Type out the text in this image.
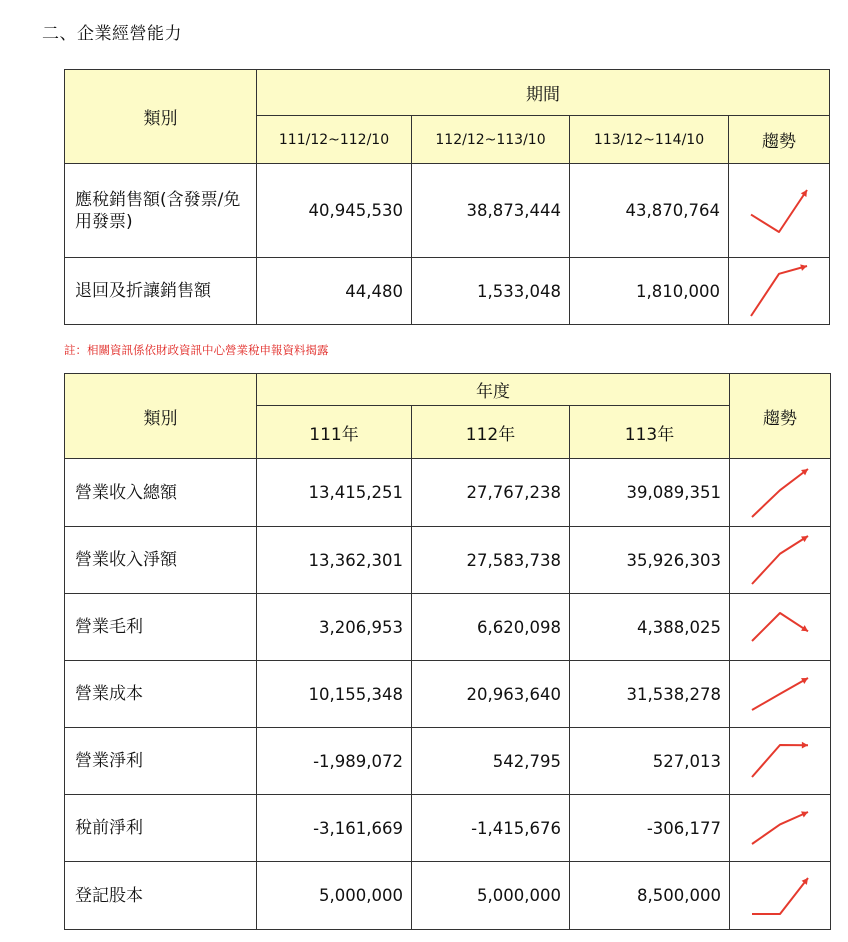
二、企業經營能力
類別	期間			
	111/12~112/10	112/12~113/10	113/12~114/10	趨勢
應稅銷售額(含發票/免用發票)	40,945,530	38,873,444	43,870,764	

退回及折讓銷售額	44,480	1,533,048	1,810,000	
註：相關資訊係依財政資訊中心營業稅申報資料揭露
類別	年度			趨勢
	111年	112年	113年	
營業收入總額	13,415,251	27,767,238	39,089,351	

營業收入淨額	13,362,301	27,583,738	35,926,303	

營業毛利	3,206,953	6,620,098	4,388,025	

營業成本	10,155,348	20,963,640	31,538,278	

營業淨利	-1,989,072	542,795	527,013	

稅前淨利	-3,161,669	-1,415,676	-306,177	

登記股本	5,000,000	5,000,000	8,500,000	
